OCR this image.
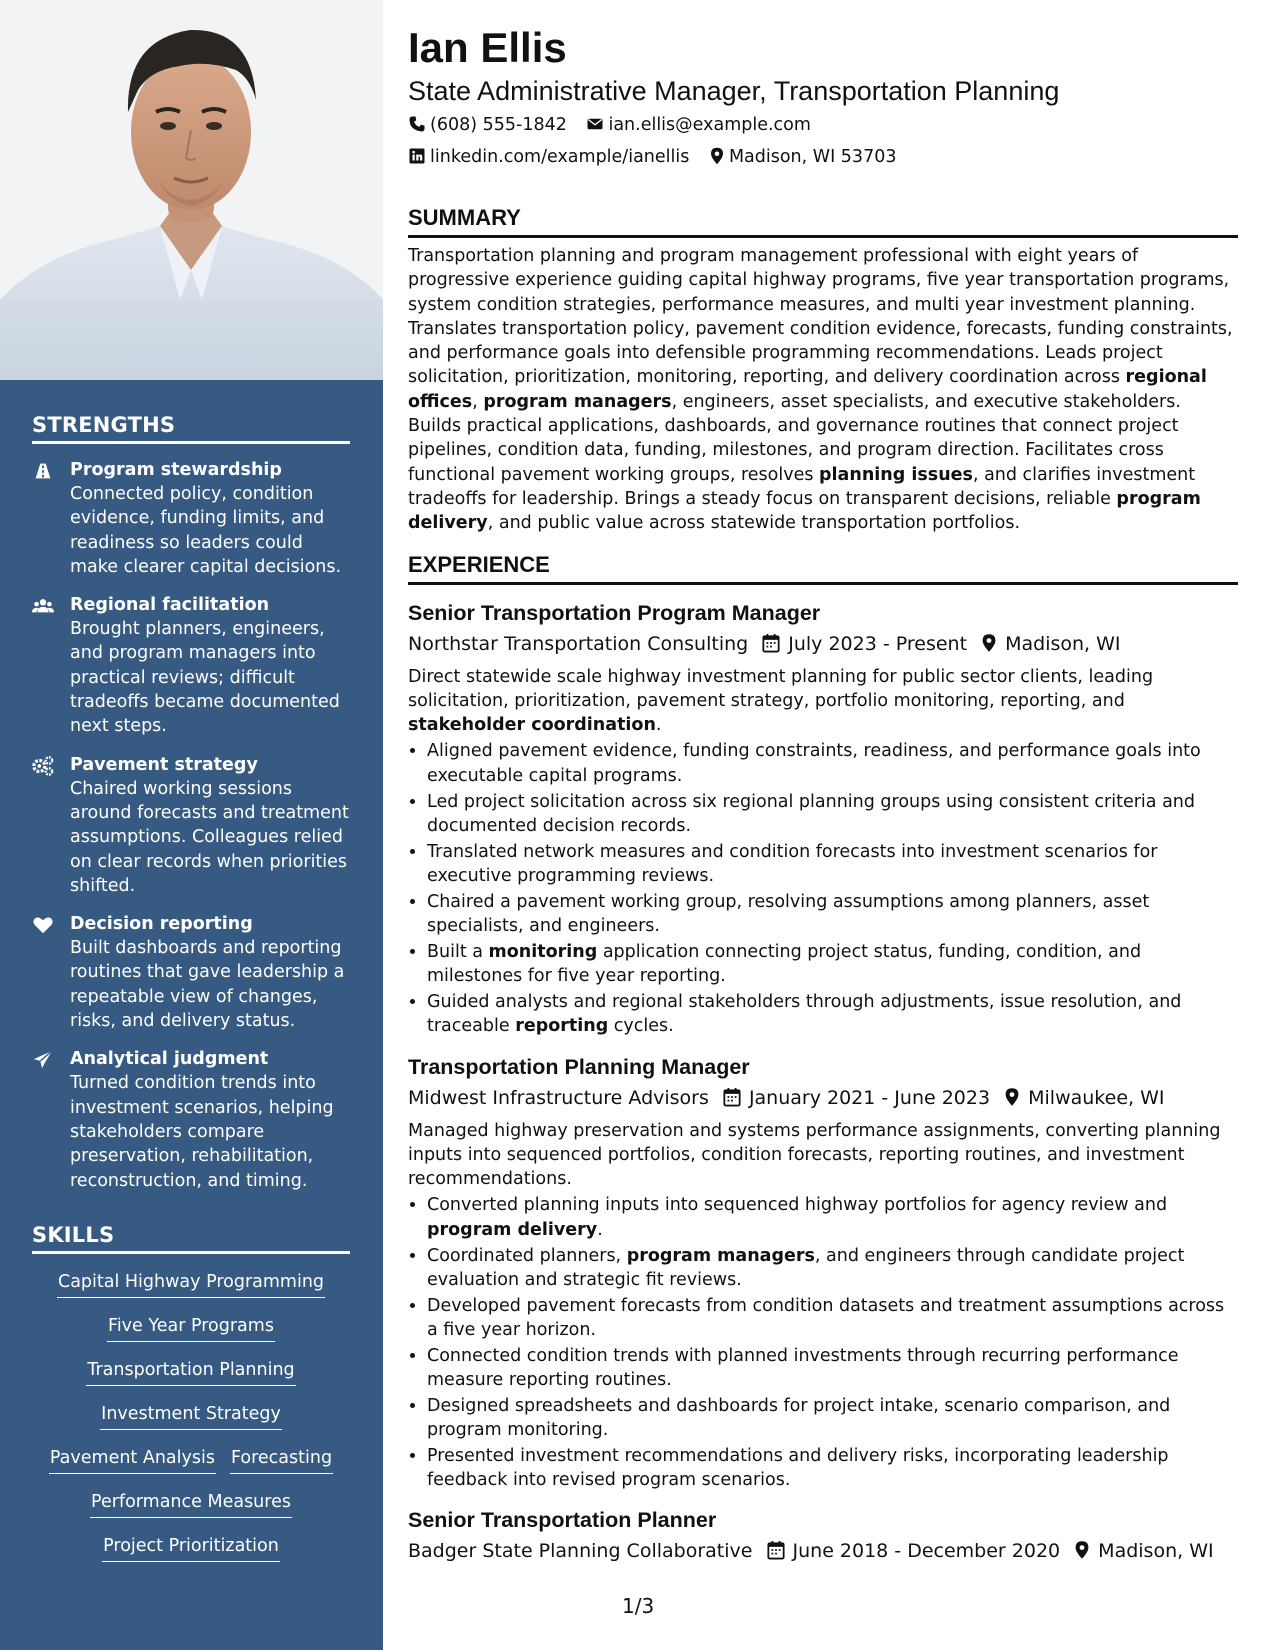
STRENGTHS
Program stewardship
Connected policy, condition evidence, funding limits, and readiness so leaders could make clearer capital decisions.
Regional facilitation
Brought planners, engineers, and program managers into practical reviews; difficult tradeoffs became documented next steps.
Pavement strategy
Chaired working sessions around forecasts and treatment assumptions. Colleagues relied on clear records when priorities shifted.
Decision reporting
Built dashboards and reporting routines that gave leadership a repeatable view of changes, risks, and delivery status.
Analytical judgment
Turned condition trends into investment scenarios, helping stakeholders compare preservation, rehabilitation, reconstruction, and timing.
SKILLS
Capital Highway Programming
Five Year Programs
Transportation Planning
Investment Strategy
Pavement Analysis Forecasting
Performance Measures
Project Prioritization
Ian Ellis
State Administrative Manager, Transportation Planning
(608) 555-1842 ian.ellis@example.com
linkedin.com/example/ianellis Madison, WI 53703
SUMMARY
Transportation planning and program management professional with eight years of progressive experience guiding capital highway programs, five year transportation programs, system condition strategies, performance measures, and multi year investment planning. Translates transportation policy, pavement condition evidence, forecasts, funding constraints, and performance goals into defensible programming recommendations. Leads project solicitation, prioritization, monitoring, reporting, and delivery coordination across regional offices, program managers, engineers, asset specialists, and executive stakeholders. Builds practical applications, dashboards, and governance routines that connect project pipelines, condition data, funding, milestones, and program direction. Facilitates cross functional pavement working groups, resolves planning issues, and clarifies investment tradeoffs for leadership. Brings a steady focus on transparent decisions, reliable program delivery, and public value across statewide transportation portfolios.
EXPERIENCE
Senior Transportation Program Manager
Northstar Transportation Consulting July 2023 - Present Madison, WI
Direct statewide scale highway investment planning for public sector clients, leading solicitation, prioritization, pavement strategy, portfolio monitoring, reporting, and stakeholder coordination.
• Aligned pavement evidence, funding constraints, readiness, and performance goals into executable capital programs.
• Led project solicitation across six regional planning groups using consistent criteria and documented decision records.
• Translated network measures and condition forecasts into investment scenarios for executive programming reviews.
• Chaired a pavement working group, resolving assumptions among planners, asset specialists, and engineers.
• Built a monitoring application connecting project status, funding, condition, and milestones for five year reporting.
• Guided analysts and regional stakeholders through adjustments, issue resolution, and traceable reporting cycles.
Transportation Planning Manager
Midwest Infrastructure Advisors January 2021 - June 2023 Milwaukee, WI
Managed highway preservation and systems performance assignments, converting planning inputs into sequenced portfolios, condition forecasts, reporting routines, and investment recommendations.
• Converted planning inputs into sequenced highway portfolios for agency review and program delivery.
• Coordinated planners, program managers, and engineers through candidate project evaluation and strategic fit reviews.
• Developed pavement forecasts from condition datasets and treatment assumptions across a five year horizon.
• Connected condition trends with planned investments through recurring performance measure reporting routines.
• Designed spreadsheets and dashboards for project intake, scenario comparison, and program monitoring.
• Presented investment recommendations and delivery risks, incorporating leadership feedback into revised program scenarios.
Senior Transportation Planner
Badger State Planning Collaborative June 2018 - December 2020 Madison, WI
1/3
